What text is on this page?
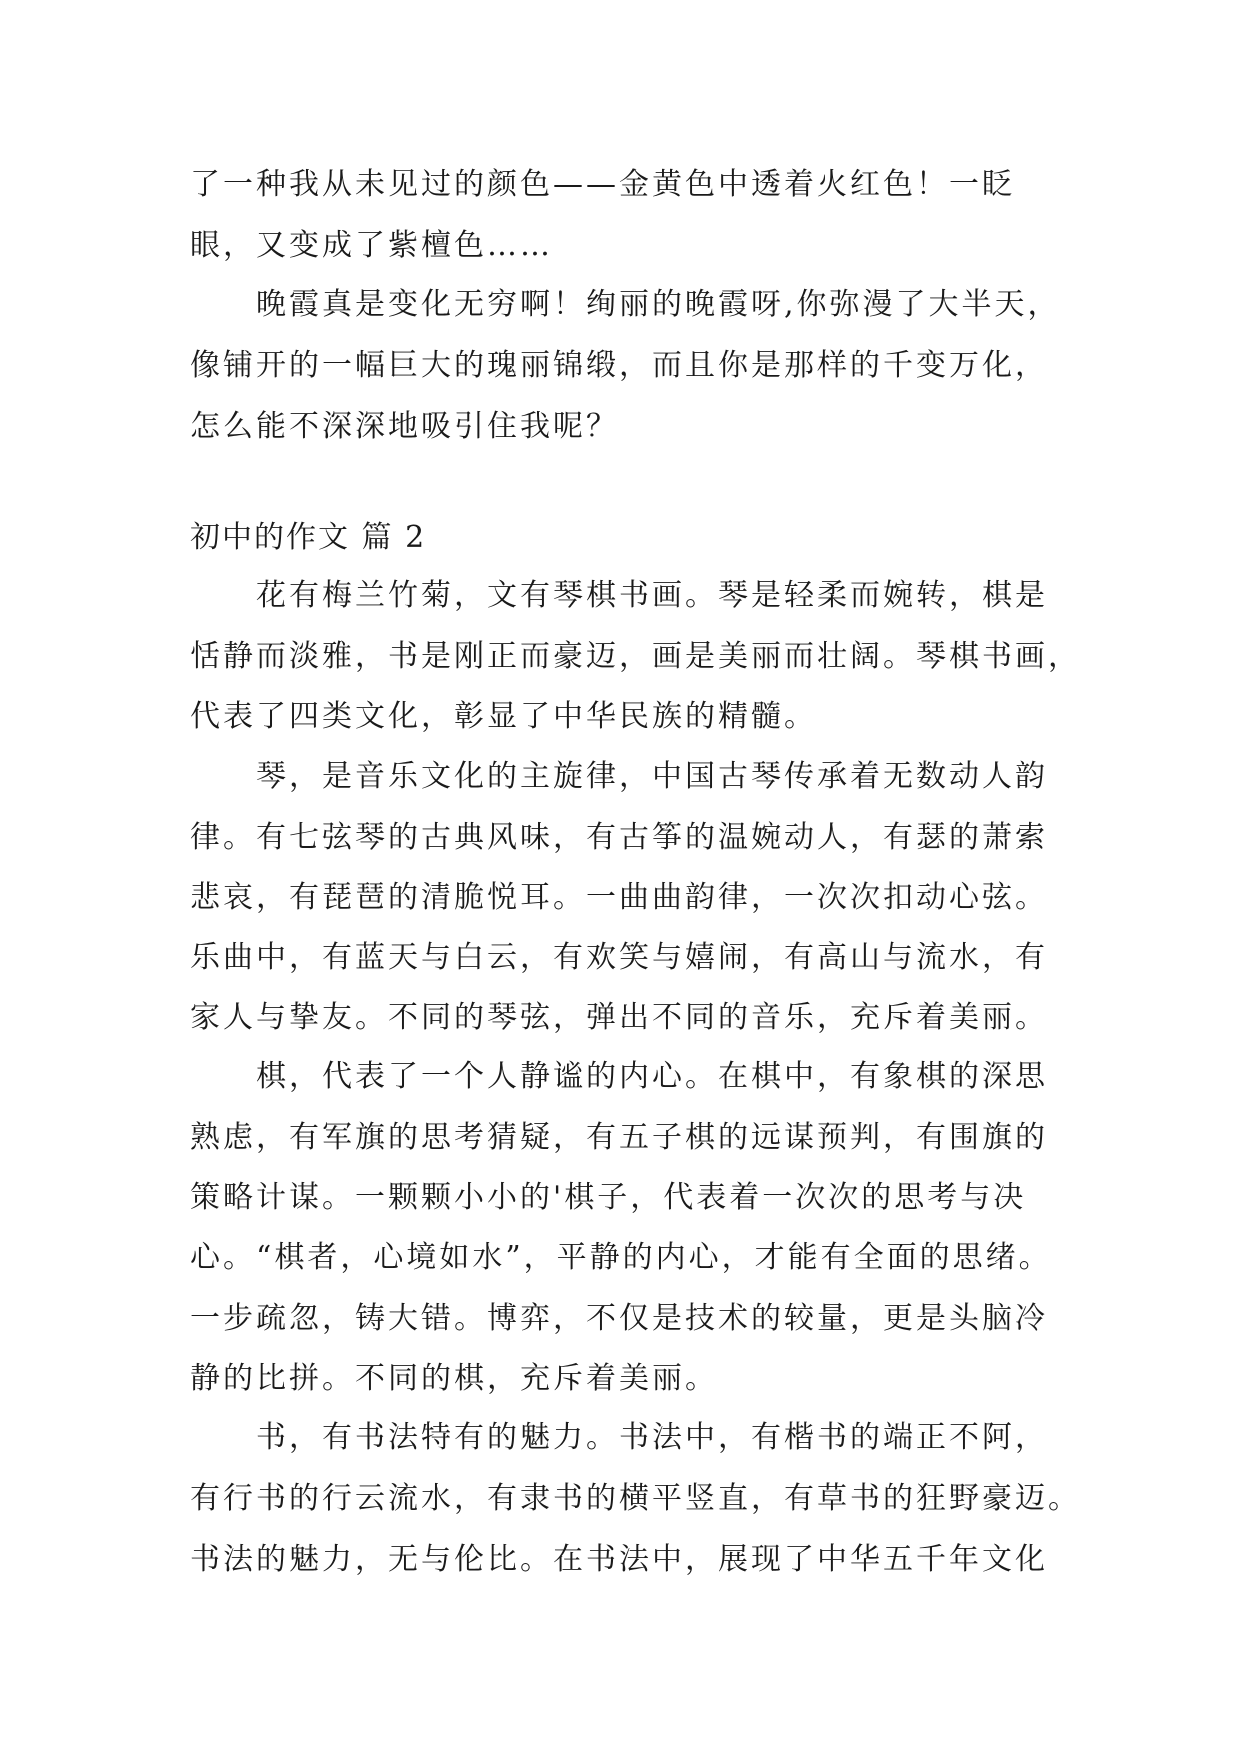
了一种我从未见过的颜色——金黄色中透着火红色！一眨
眼，又变成了紫檀色……
晚霞真是变化无穷啊！绚丽的晚霞呀,你弥漫了大半天，
像铺开的一幅巨大的瑰丽锦缎，而且你是那样的千变万化，
怎么能不深深地吸引住我呢？
初中的作文 篇 2
花有梅兰竹菊，文有琴棋书画。琴是轻柔而婉转，棋是
恬静而淡雅，书是刚正而豪迈，画是美丽而壮阔。琴棋书画，
代表了四类文化，彰显了中华民族的精髓。
琴，是音乐文化的主旋律，中国古琴传承着无数动人韵
律。有七弦琴的古典风味，有古筝的温婉动人，有瑟的萧索
悲哀，有琵琶的清脆悦耳。一曲曲韵律，一次次扣动心弦。
乐曲中，有蓝天与白云，有欢笑与嬉闹，有高山与流水，有
家人与挚友。不同的琴弦，弹出不同的音乐，充斥着美丽。
棋，代表了一个人静谧的内心。在棋中，有象棋的深思
熟虑，有军旗的思考猜疑，有五子棋的远谋预判，有围旗的
策略计谋。一颗颗小小的'棋子，代表着一次次的思考与决
心。“棋者，心境如水”，平静的内心，才能有全面的思绪。
一步疏忽，铸大错。博弈，不仅是技术的较量，更是头脑冷
静的比拼。不同的棋，充斥着美丽。
书，有书法特有的魅力。书法中，有楷书的端正不阿，
有行书的行云流水，有隶书的横平竖直，有草书的狂野豪迈。
书法的魅力，无与伦比。在书法中，展现了中华五千年文化
